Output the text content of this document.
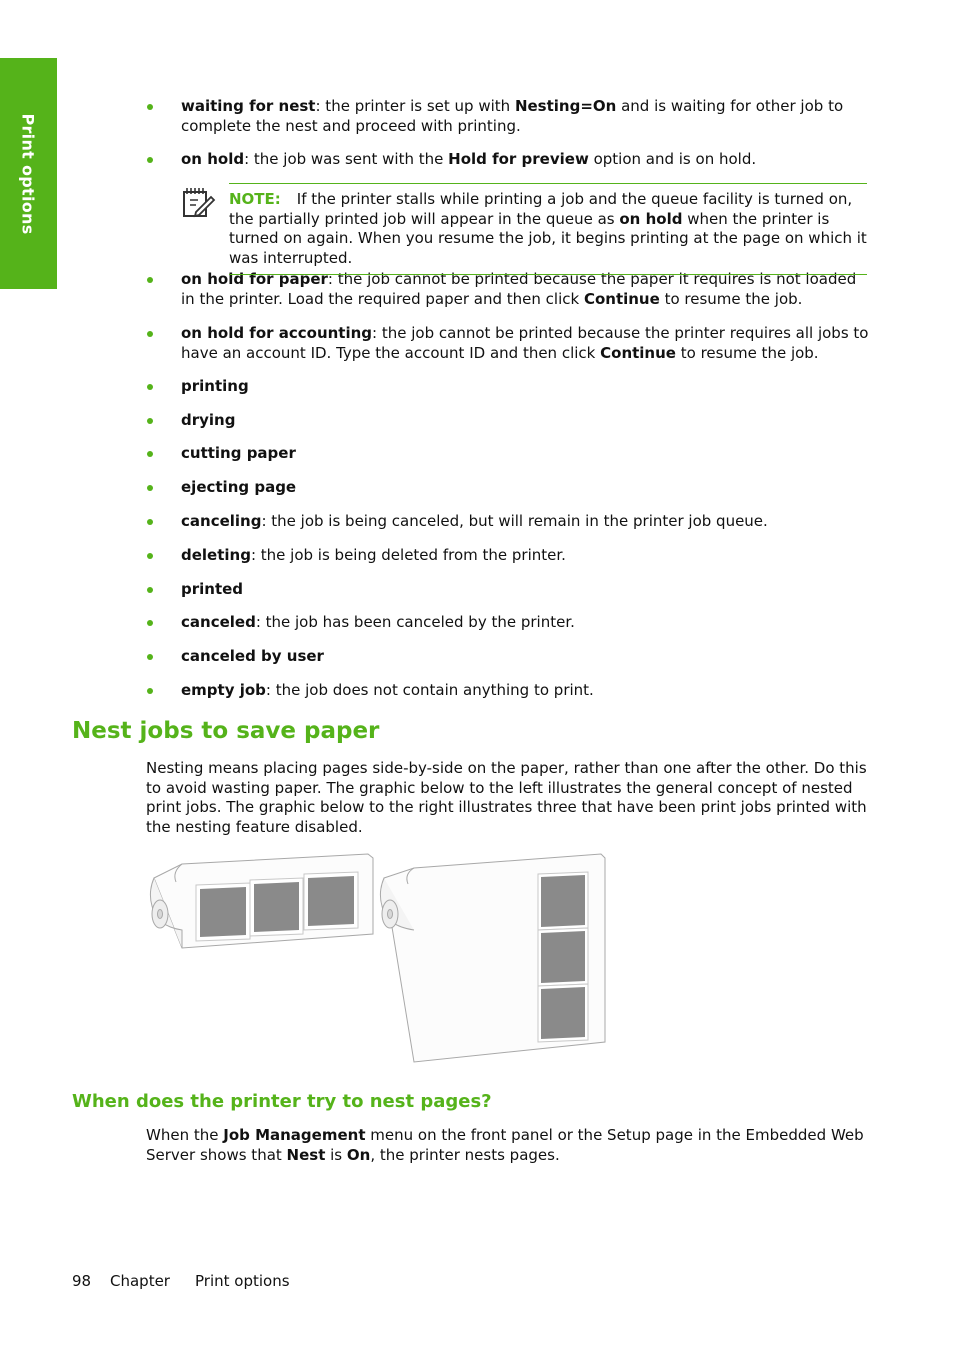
Print options
waiting for nest: the printer is set up with Nesting=On and is waiting for other job to complete the nest and proceed with printing.
on hold: the job was sent with the Hold for preview option and is on hold.
on hold for paper: the job cannot be printed because the paper it requires is not loaded in the printer. Load the required paper and then click Continue to resume the job.
on hold for accounting: the job cannot be printed because the printer requires all jobs to have an account ID. Type the account ID and then click Continue to resume the job.
printing
drying
cutting paper
ejecting page
canceling: the job is being canceled, but will remain in the printer job queue.
deleting: the job is being deleted from the printer.
printed
canceled: the job has been canceled by the printer.
canceled by user
empty job: the job does not contain anything to print.
NOTE: If the printer stalls while printing a job and the queue facility is turned on, the partially printed job will appear in the queue as on hold when the printer is turned on again. When you resume the job, it begins printing at the page on which it was interrupted.
Nest jobs to save paper

Nesting means placing pages side-by-side on the paper, rather than one after the other. Do this to avoid wasting paper. The graphic below to the left illustrates the general concept of nested print jobs. The graphic below to the right illustrates three that have been print jobs printed with the nesting feature disabled.

When does the printer try to nest pages?

When the Job Management menu on the front panel or the Setup page in the Embedded Web Server shows that Nest is On, the printer nests pages.

98 Chapter Print options
